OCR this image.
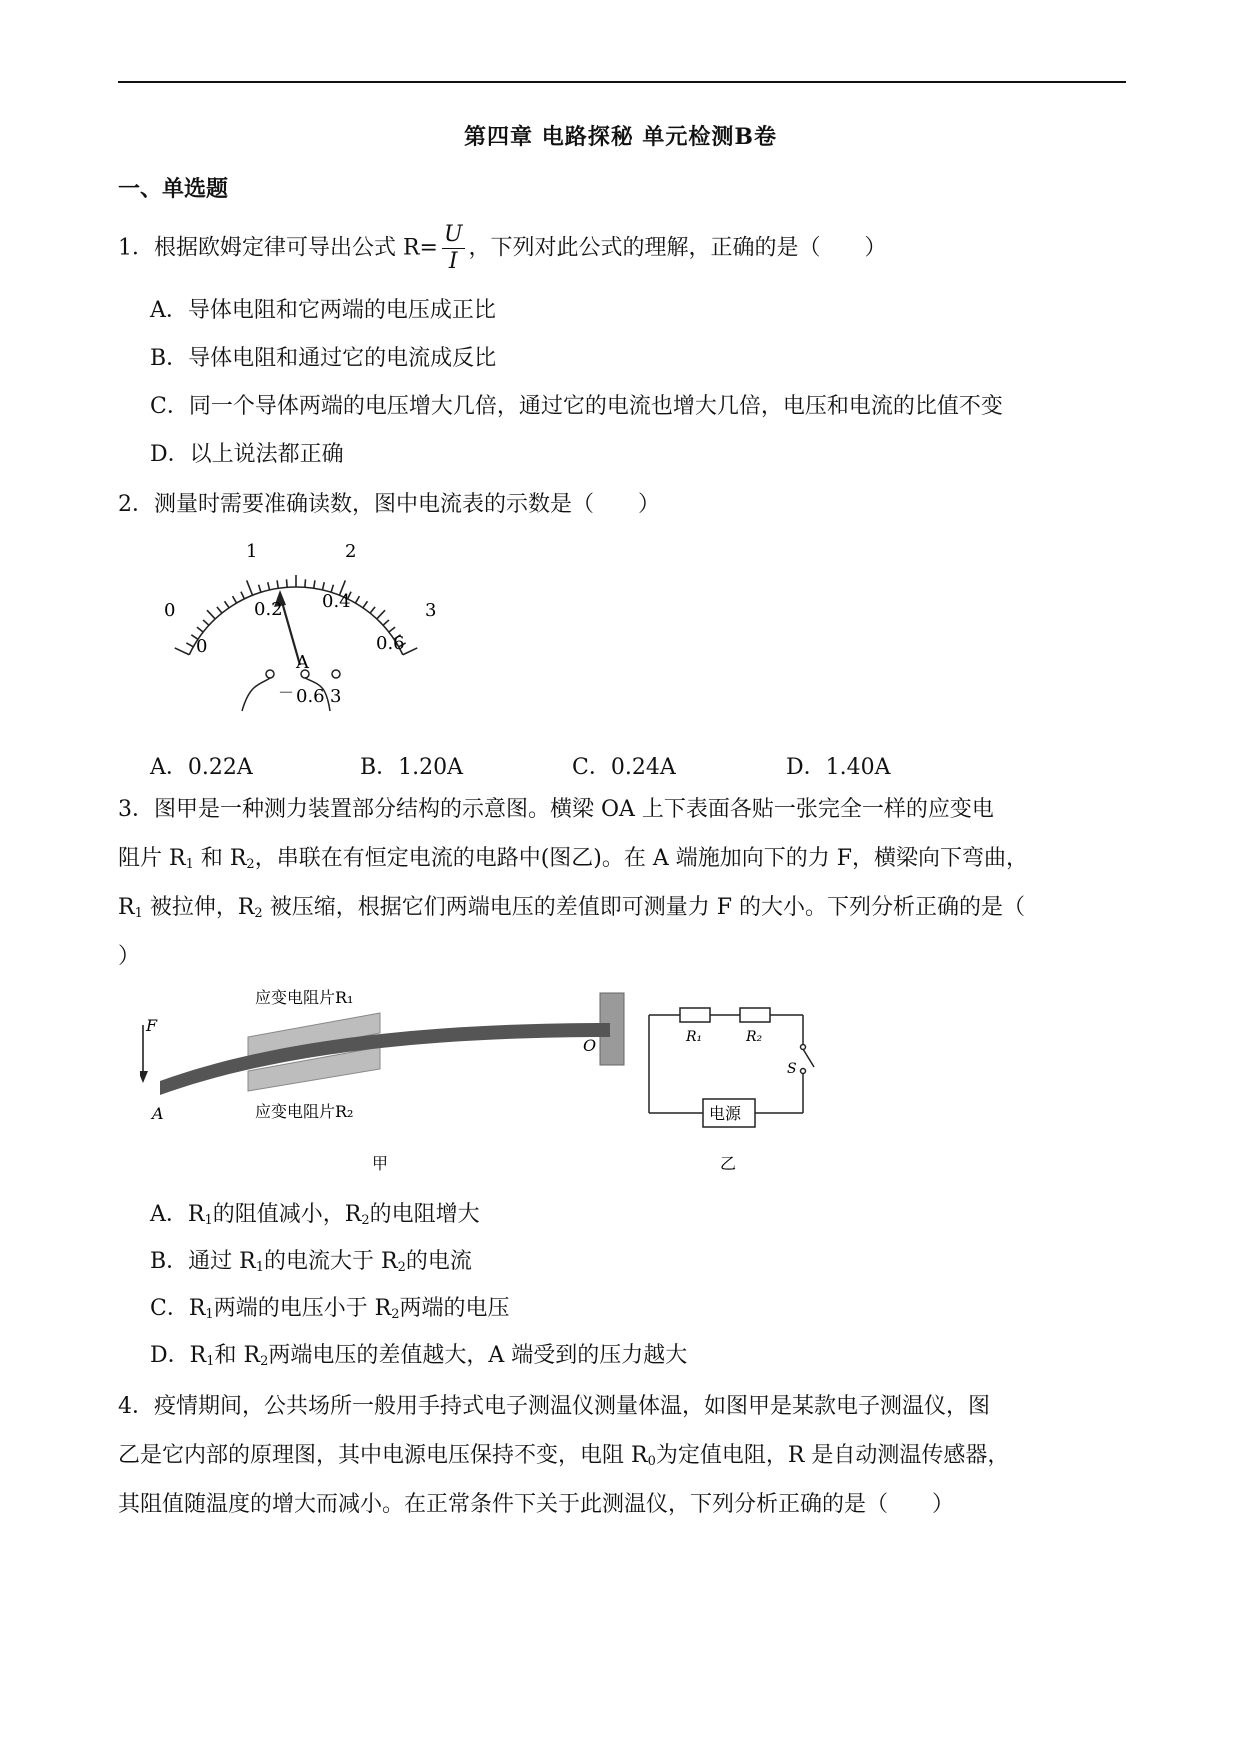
第四章 电路探秘 单元检测B卷
一、单选题
1．根据欧姆定律可导出公式 $R= \frac{U}{I}$ ，下列对此公式的理解，正确的是（　　）
A．导体电阻和它两端的电压成正比
B．导体电阻和通过它的电流成反比
C．同一个导体两端的电压增大几倍，通过它的电流也增大几倍，电压和电流的比值不变
D．以上说法都正确
2．测量时需要准确读数，图中电流表的示数是（　　）
0
1	2
3
0
0.2 0.4
0.6
A
－ 0.6 3
A．0.22A	B．1.20A	C．0.24A	D．1.40A
3．图甲是一种测力装置部分结构的示意图。横梁 OA 上下表面各贴一张完全一样的应变电
阻片 $R_1$ 和 $R_2$，串联在有恒定电流的电路中(图乙)。在 A 端施加向下的力 F，横梁向下弯曲，
$R_1$ 被拉伸，$R_2$ 被压缩，根据它们两端电压的差值即可测量力 F 的大小。下列分析正确的是（
）
F
A
O
应变电阻片R₁
应变电阻片R₂
甲
R₁	R₂
S
电源
乙
A．$R_1$的阻值减小，$R_2$的电阻增大
B．通过 $R_1$的电流大于 $R_2$的电流
C．$R_1$两端的电压小于 $R_2$两端的电压
D．$R_1$和 $R_2$两端电压的差值越大，A 端受到的压力越大
4．疫情期间，公共场所一般用手持式电子测温仪测量体温，如图甲是某款电子测温仪，图
乙是它内部的原理图，其中电源电压保持不变，电阻 $R_0$为定值电阻，R 是自动测温传感器，
其阻值随温度的增大而减小。在正常条件下关于此测温仪，下列分析正确的是（　　）
